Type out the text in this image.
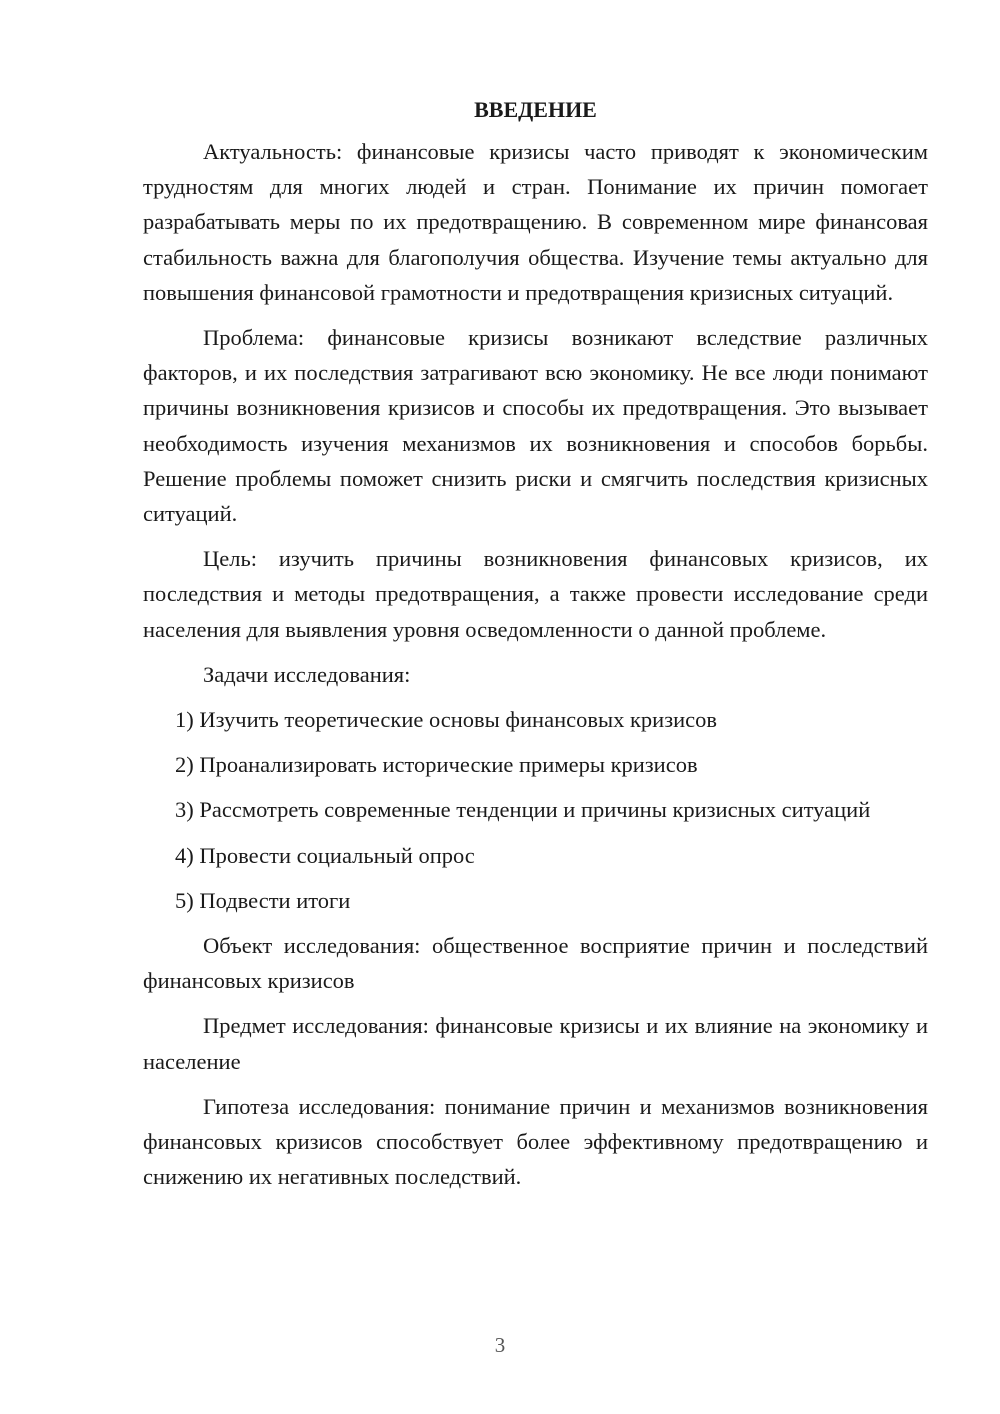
ВВЕДЕНИЕ

Актуальность: финансовые кризисы часто приводят к экономическим трудностям для многих людей и стран. Понимание их причин помогает разрабатывать меры по их предотвращению. В современном мире финансовая стабильность важна для благополучия общества. Изучение темы актуально для повышения финансовой грамотности и предотвращения кризисных ситуаций.

Проблема: финансовые кризисы возникают вследствие различных факторов, и их последствия затрагивают всю экономику. Не все люди понимают причины возникновения кризисов и способы их предотвращения. Это вызывает необходимость изучения механизмов их возникновения и способов борьбы. Решение проблемы поможет снизить риски и смягчить последствия кризисных ситуаций.

Цель: изучить причины возникновения финансовых кризисов, их последствия и методы предотвращения, а также провести исследование среди населения для выявления уровня осведомленности о данной проблеме.

Задачи исследования:

1) Изучить теоретические основы финансовых кризисов

2) Проанализировать исторические примеры кризисов

3) Рассмотреть современные тенденции и причины кризисных ситуаций

4) Провести социальный опрос

5) Подвести итоги

Объект исследования: общественное восприятие причин и последствий финансовых кризисов

Предмет исследования: финансовые кризисы и их влияние на экономику и население

Гипотеза исследования: понимание причин и механизмов возникновения финансовых кризисов способствует более эффективному предотвращению и снижению их негативных последствий.

3
